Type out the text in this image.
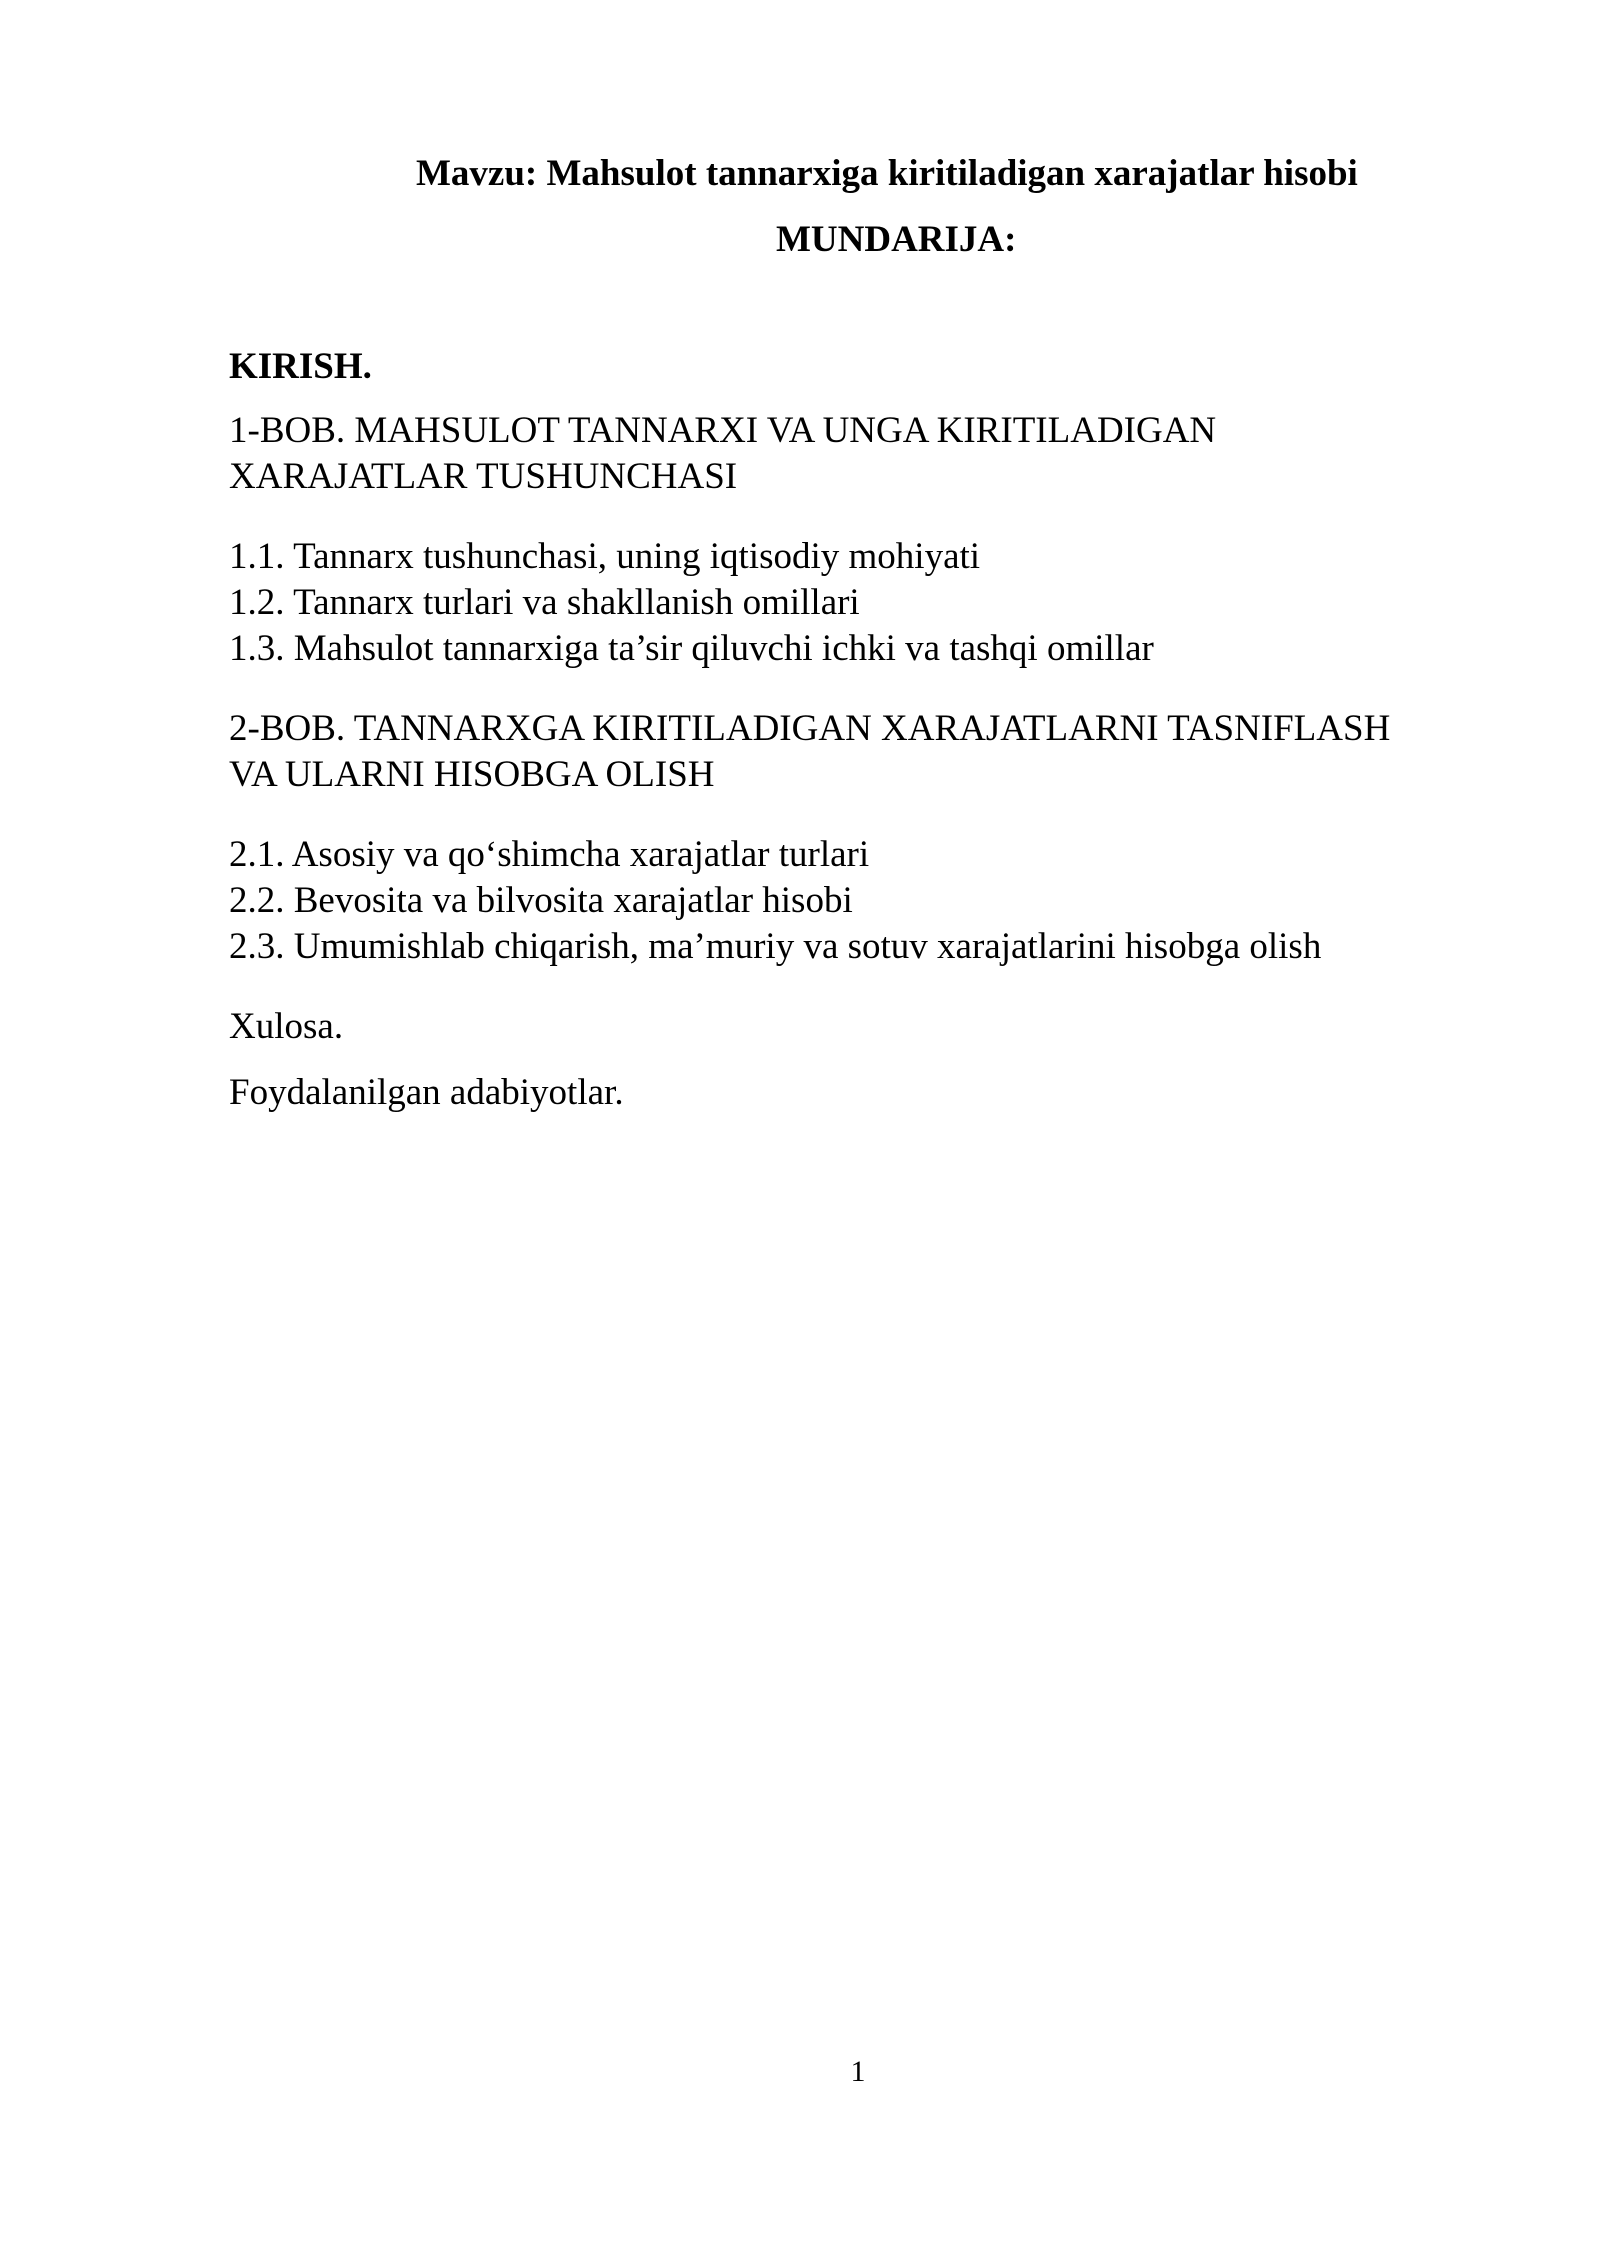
Mavzu: Mahsulot tannarxiga kiritiladigan xarajatlar hisobi
MUNDARIJA:
KIRISH.
1-BOB. MAHSULOT TANNARXI VA UNGA KIRITILADIGAN
XARAJATLAR TUSHUNCHASI
1.1. Tannarx tushunchasi, uning iqtisodiy mohiyati
1.2. Tannarx turlari va shakllanish omillari
1.3. Mahsulot tannarxiga ta’sir qiluvchi ichki va tashqi omillar
2-BOB. TANNARXGA KIRITILADIGAN XARAJATLARNI TASNIFLASH
VA ULARNI HISOBGA OLISH
2.1. Asosiy va qo‘shimcha xarajatlar turlari
2.2. Bevosita va bilvosita xarajatlar hisobi
2.3. Umumishlab chiqarish, ma’muriy va sotuv xarajatlarini hisobga olish
Xulosa.
Foydalanilgan adabiyotlar.
1
